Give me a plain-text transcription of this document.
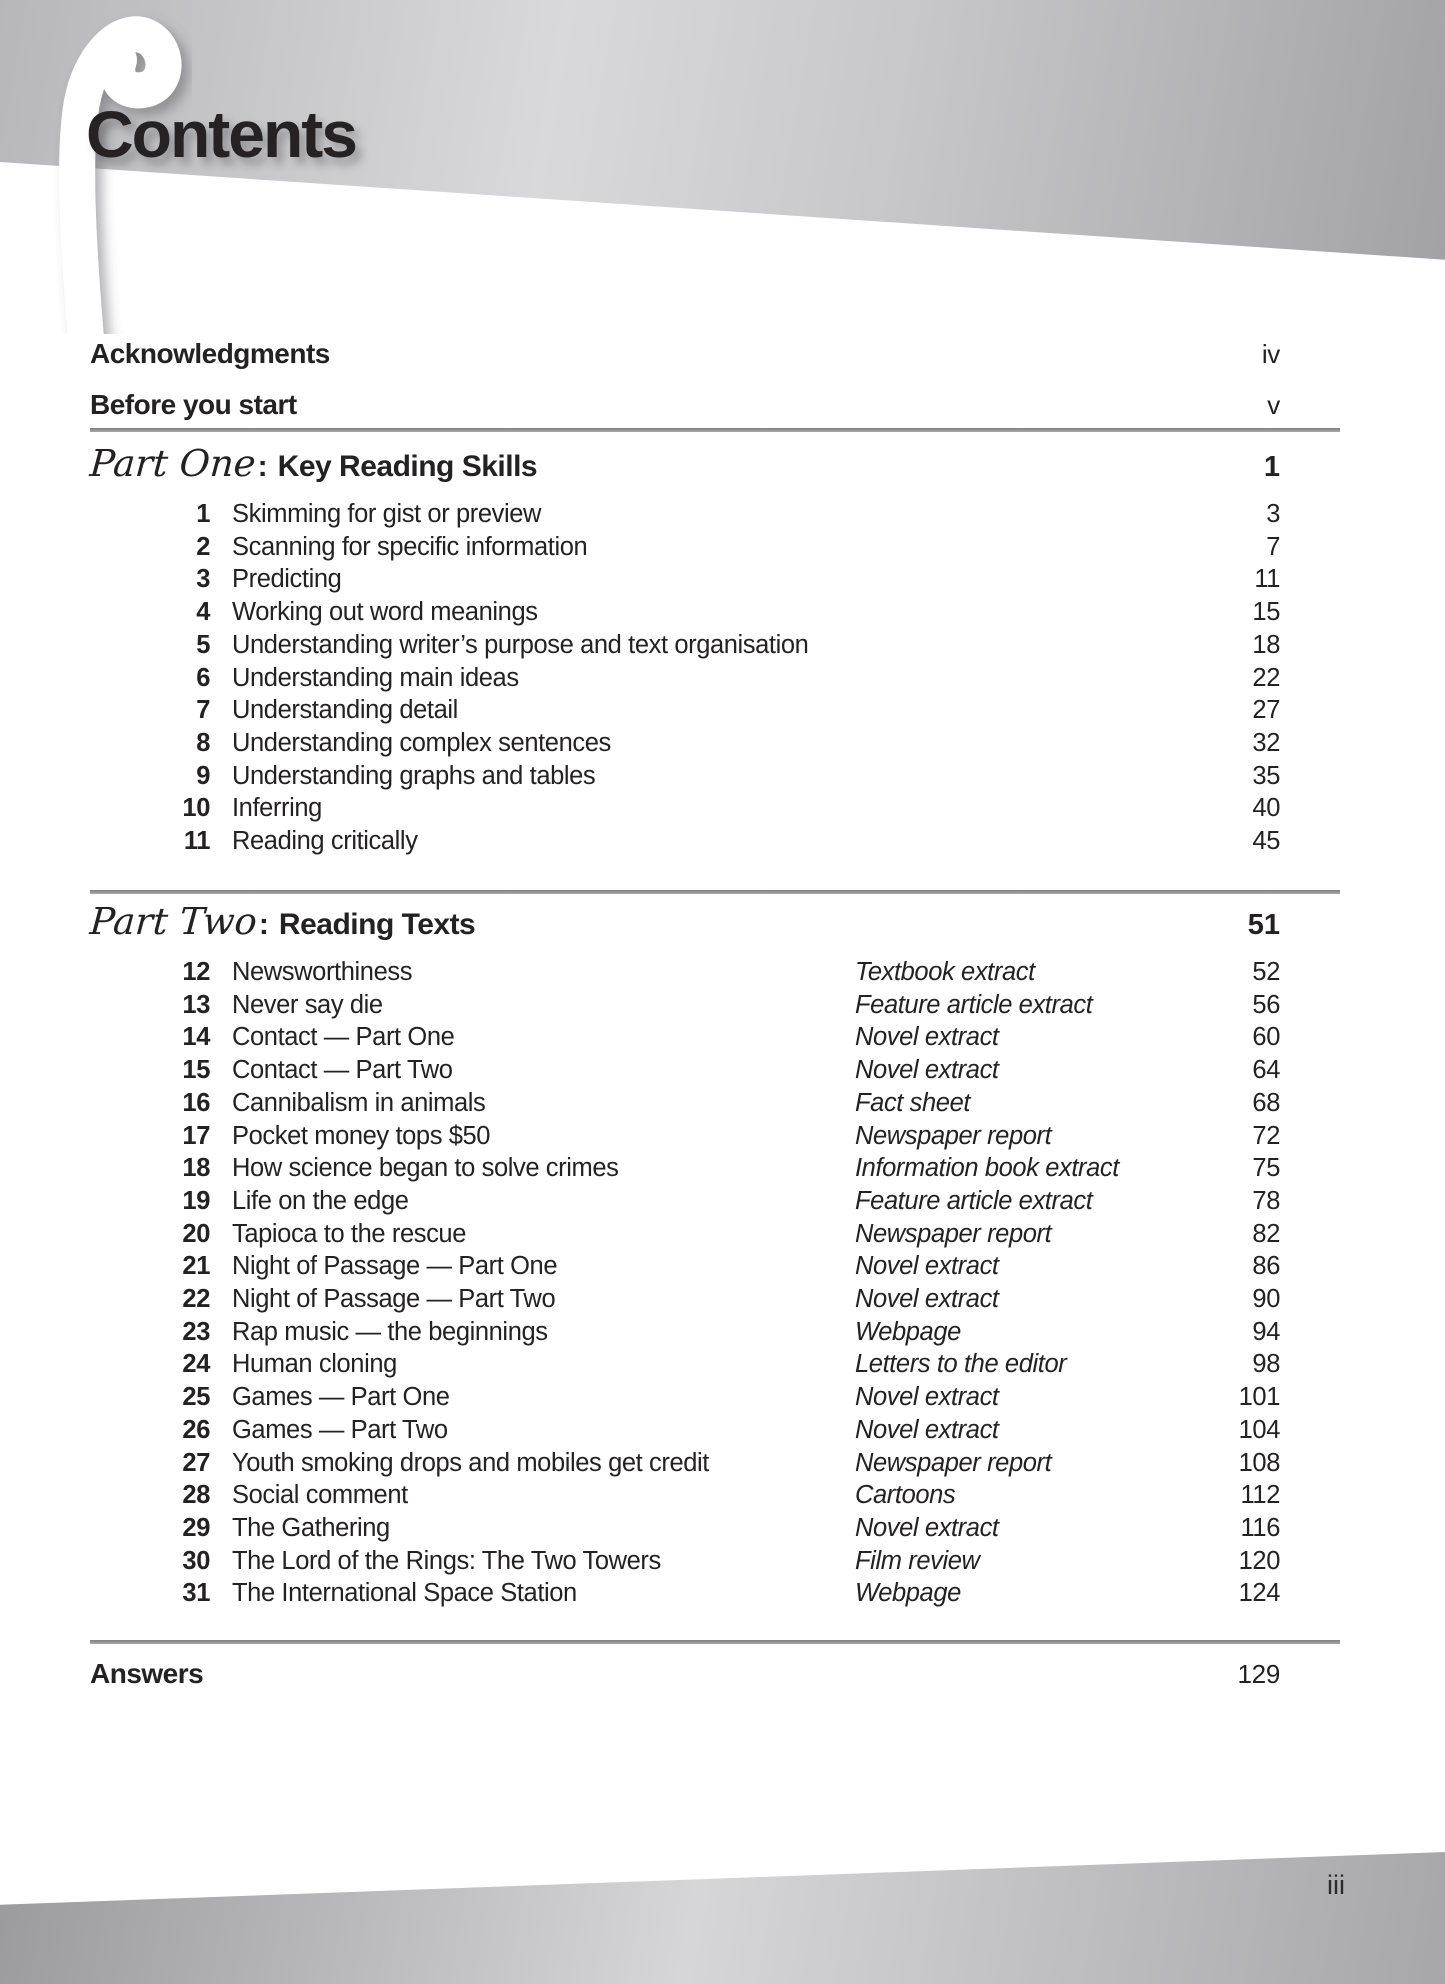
Contents
Acknowledgments	iv
Before you start	v
Part One : Key Reading Skills	1
1 Skimming for gist or preview	3
2 Scanning for specific information	7
3 Predicting	11
4 Working out word meanings	15
5 Understanding writer’s purpose and text organisation	18
6 Understanding main ideas	22
7 Understanding detail	27
8 Understanding complex sentences	32
9 Understanding graphs and tables	35
10 Inferring	40
11 Reading critically	45
Part Two : Reading Texts	51
12 Newsworthiness	Textbook extract	52
13 Never say die	Feature article extract	56
14 Contact — Part One	Novel extract	60
15 Contact — Part Two	Novel extract	64
16 Cannibalism in animals	Fact sheet	68
17 Pocket money tops $50	Newspaper report	72
18 How science began to solve crimes	Information book extract	75
19 Life on the edge	Feature article extract	78
20 Tapioca to the rescue	Newspaper report	82
21 Night of Passage — Part One	Novel extract	86
22 Night of Passage — Part Two	Novel extract	90
23 Rap music — the beginnings	Webpage	94
24 Human cloning	Letters to the editor	98
25 Games — Part One	Novel extract	101
26 Games — Part Two	Novel extract	104
27 Youth smoking drops and mobiles get credit	Newspaper report	108
28 Social comment	Cartoons	112
29 The Gathering	Novel extract	116
30 The Lord of the Rings: The Two Towers	Film review	120
31 The International Space Station	Webpage	124
Answers	129
iii
